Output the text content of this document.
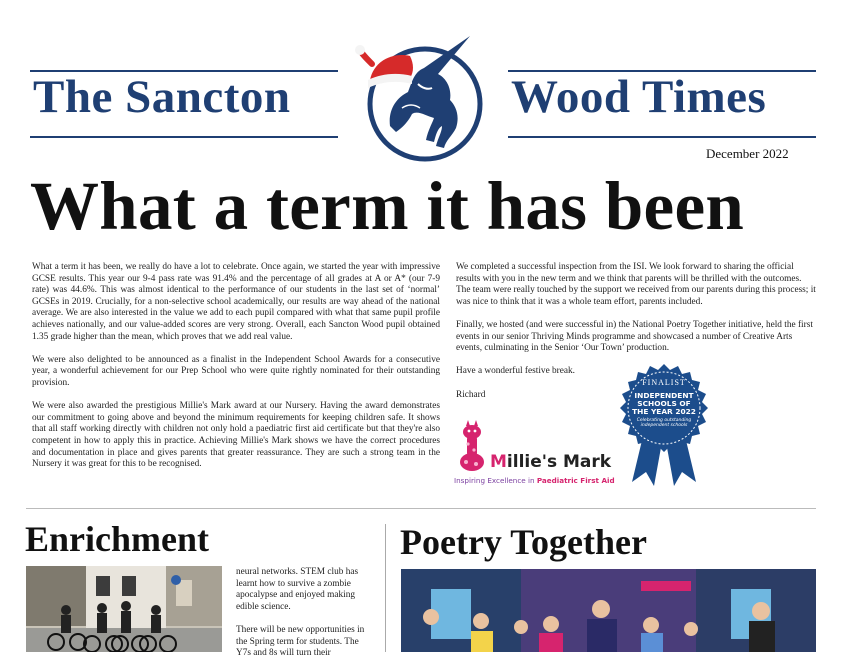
The Sancton	Wood Times
December 2022
What a term it has been

What a term it has been, we really do have a lot to celebrate. Once again, we started the year with impressive GCSE results. This year our 9-4 pass rate was 91.4% and the percentage of all grades at A or A* (our 7-9 rate) was 44.6%. This was almost identical to the performance of our students in the last set of ‘normal’ GCSEs in 2019. Crucially, for a non-selective school academically, our results are way ahead of the national average. We are also interested in the value we add to each pupil compared with what that same pupil profile achieves nationally, and our value-added scores are very strong. Overall, each Sancton Wood pupil obtained 1.35 grade higher than the mean, which proves that we add real value.

We were also delighted to be announced as a finalist in the Independent School Awards for a consecutive year, a wonderful achievement for our Prep School who were quite rightly nominated for their outstanding provision.

We were also awarded the prestigious Millie's Mark award at our Nursery. Having the award demonstrates our commitment to going above and beyond the minimum requirements for keeping children safe. It shows that all staff working directly with children not only hold a paediatric first aid certificate but that they're also competent in how to apply this in practice. Achieving Millie's Mark shows we have the correct procedures and documentation in place and gives parents that greater reassurance. They are such a strong team in the Nursery it was great for this to be recognised.

We completed a successful inspection from the ISI. We look forward to sharing the official results with you in the new term and we think that parents will be thrilled with the outcomes. The team were really touched by the support we received from our parents during this process; it was nice to think that it was a whole team effort, parents included.

Finally, we hosted (and were successful in) the National Poetry Together initiative, held the first events in our senior Thriving Minds programme and showcased a number of Creative Arts events, culminating in the Senior ‘Our Town’ production.

Have a wonderful festive break.

Richard

Millie's Mark
Inspiring Excellence in Paediatric First Aid
FINALIST
INDEPENDENT
SCHOOLS OF
THE YEAR 2022
Celebrating outstanding independent schools
Enrichment

neural networks. STEM club has learnt how to survive a zombie apocalypse and enjoyed making edible science.

There will be new opportunities in the Spring term for students. The Y7s and 8s will turn their

Poetry Together
